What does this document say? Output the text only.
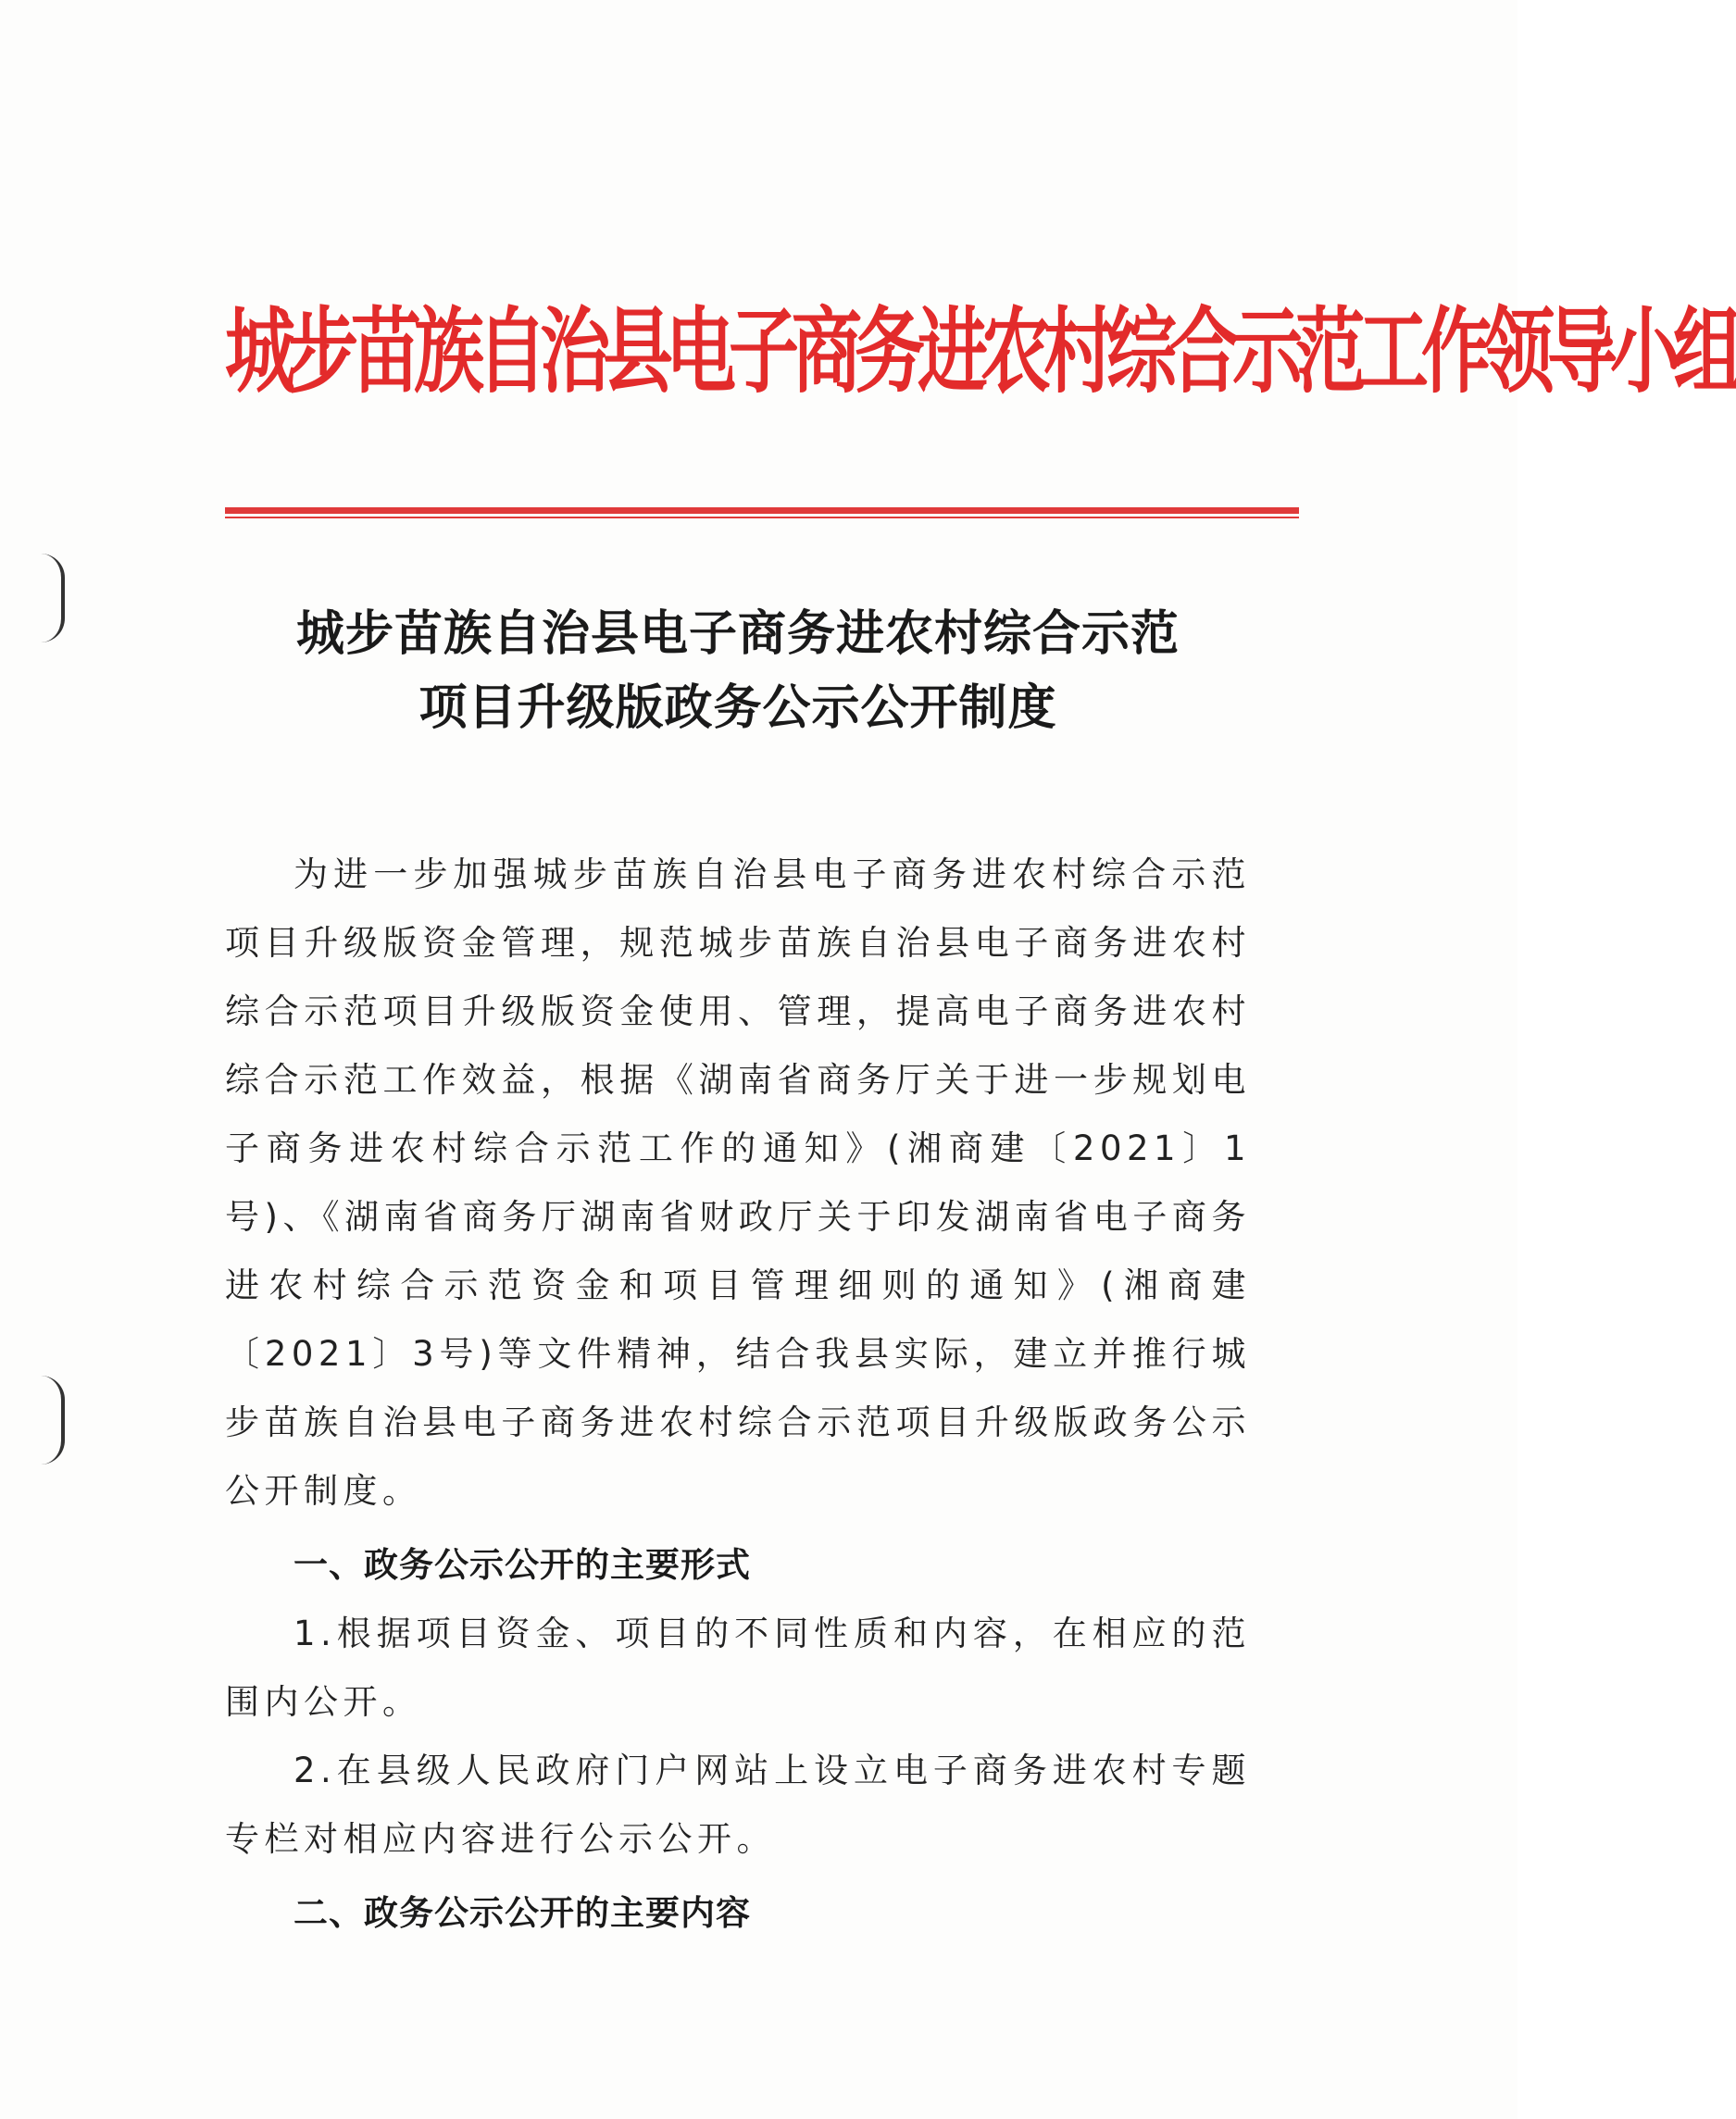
城步苗族自治县电子商务进农村综合示范工作领导小组
城步苗族自治县电子商务进农村综合示范
项目升级版政务公示公开制度

为进一步加强城步苗族自治县电子商务进农村综合示范项目升级版资金管理，规范城步苗族自治县电子商务进农村综合示范项目升级版资金使用、管理，提高电子商务进农村综合示范工作效益，根据《湖南省商务厅关于进一步规划电子商务进农村综合示范工作的通知》(湘商建〔2021〕1号)、《湖南省商务厅湖南省财政厅关于印发湖南省电子商务进农村综合示范资金和项目管理细则的通知》(湘商建〔2021〕3号)等文件精神，结合我县实际，建立并推行城步苗族自治县电子商务进农村综合示范项目升级版政务公示公开制度。

一、政务公示公开的主要形式

1.根据项目资金、项目的不同性质和内容，在相应的范围内公开。

2.在县级人民政府门户网站上设立电子商务进农村专题专栏对相应内容进行公示公开。

二、政务公示公开的主要内容
